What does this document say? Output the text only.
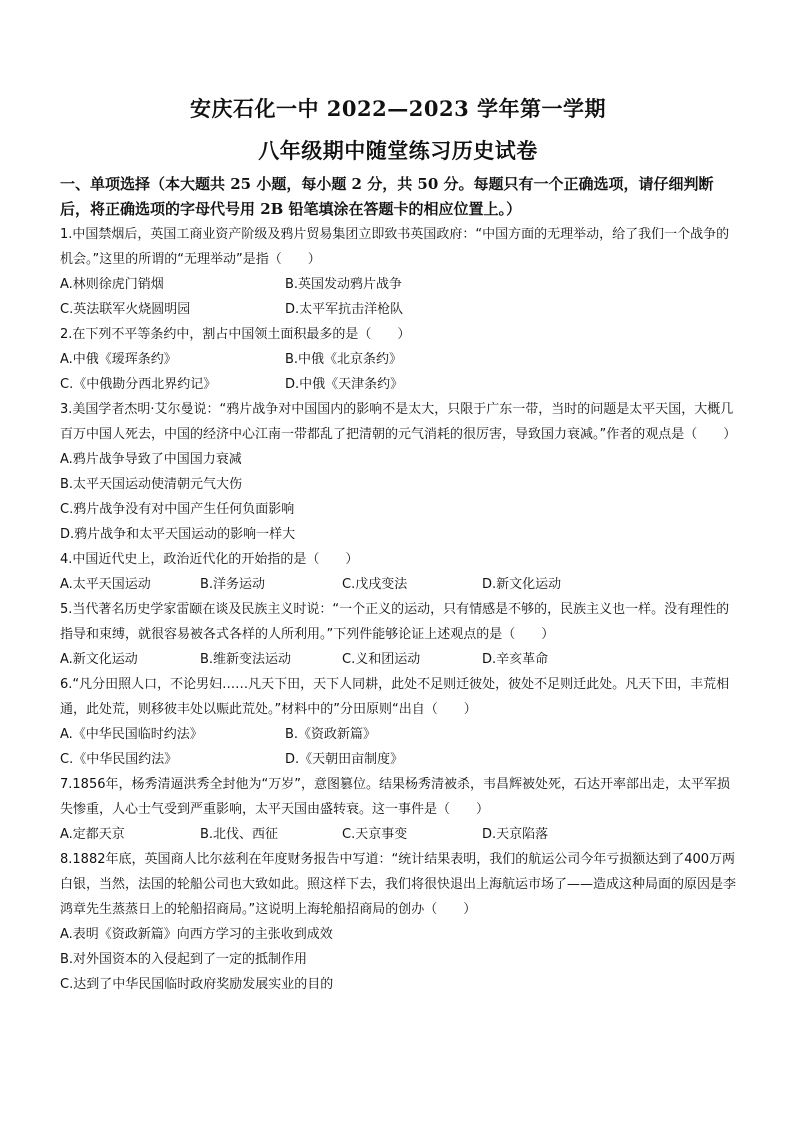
安庆石化一中 2022—2023 学年第一学期
八年级期中随堂练习历史试卷
一、单项选择（本大题共 25 小题，每小题 2 分，共 50 分。每题只有一个正确选项，请仔细判断后，将正确选项的字母代号用 2B 铅笔填涂在答题卡的相应位置上。）

1.中国禁烟后，英国工商业资产阶级及鸦片贸易集团立即致书英国政府：“中国方面的无理举动，给了我们一个战争的机会。”这里的所谓的“无理举动”是指（　　）

A.林则徐虎门销烟	B.英国发动鸦片战争
C.英法联军火烧圆明园	D.太平军抗击洋枪队

2.在下列不平等条约中，割占中国领土面积最多的是（　　）

A.中俄《瑷珲条约》	B.中俄《北京条约》
C.《中俄勘分西北界约记》	D.中俄《天津条约》

3.美国学者杰明·艾尔曼说：“鸦片战争对中国国内的影响不是太大，只限于广东一带，当时的问题是太平天国，大概几百万中国人死去，中国的经济中心江南一带都乱了把清朝的元气消耗的很厉害，导致国力衰减。”作者的观点是（　　）

A.鸦片战争导致了中国国力衰减
B.太平天国运动使清朝元气大伤
C.鸦片战争没有对中国产生任何负面影响
D.鸦片战争和太平天国运动的影响一样大

4.中国近代史上，政治近代化的开始指的是（　　）

A.太平天国运动	B.洋务运动	C.戊戌变法	D.新文化运动

5.当代著名历史学家雷颐在谈及民族主义时说：“一个正义的运动，只有情感是不够的，民族主义也一样。没有理性的指导和束缚，就很容易被各式各样的人所利用。”下列件能够论证上述观点的是（　　）

A.新文化运动	B.维新变法运动	C.义和团运动	D.辛亥革命

6.“凡分田照人口，不论男妇……凡天下田，天下人同耕，此处不足则迁彼处，彼处不足则迁此处。凡天下田，丰荒相通，此处荒，则移彼丰处以赈此荒处。”材料中的”分田原则“出自（　　）

A.《中华民国临时约法》	B.《资政新篇》
C.《中华民国约法》	D.《天朝田亩制度》

7.1856年，杨秀清逼洪秀全封他为“万岁”，意图篡位。结果杨秀清被杀，韦昌辉被处死，石达开率部出走，太平军损失惨重，人心士气受到严重影响，太平天国由盛转衰。这一事件是（　　）

A.定都天京	B.北伐、西征	C.天京事变	D.天京陷落

8.1882年底，英国商人比尔兹利在年度财务报告中写道：“统计结果表明，我们的航运公司今年亏损额达到了400万两白银，当然，法国的轮船公司也大致如此。照这样下去，我们将很快退出上海航运市场了——造成这种局面的原因是李鸿章先生蒸蒸日上的轮船招商局。”这说明上海轮船招商局的创办（　　）

A.表明《资政新篇》向西方学习的主张收到成效
B.对外国资本的入侵起到了一定的抵制作用
C.达到了中华民国临时政府奖励发展实业的目的
